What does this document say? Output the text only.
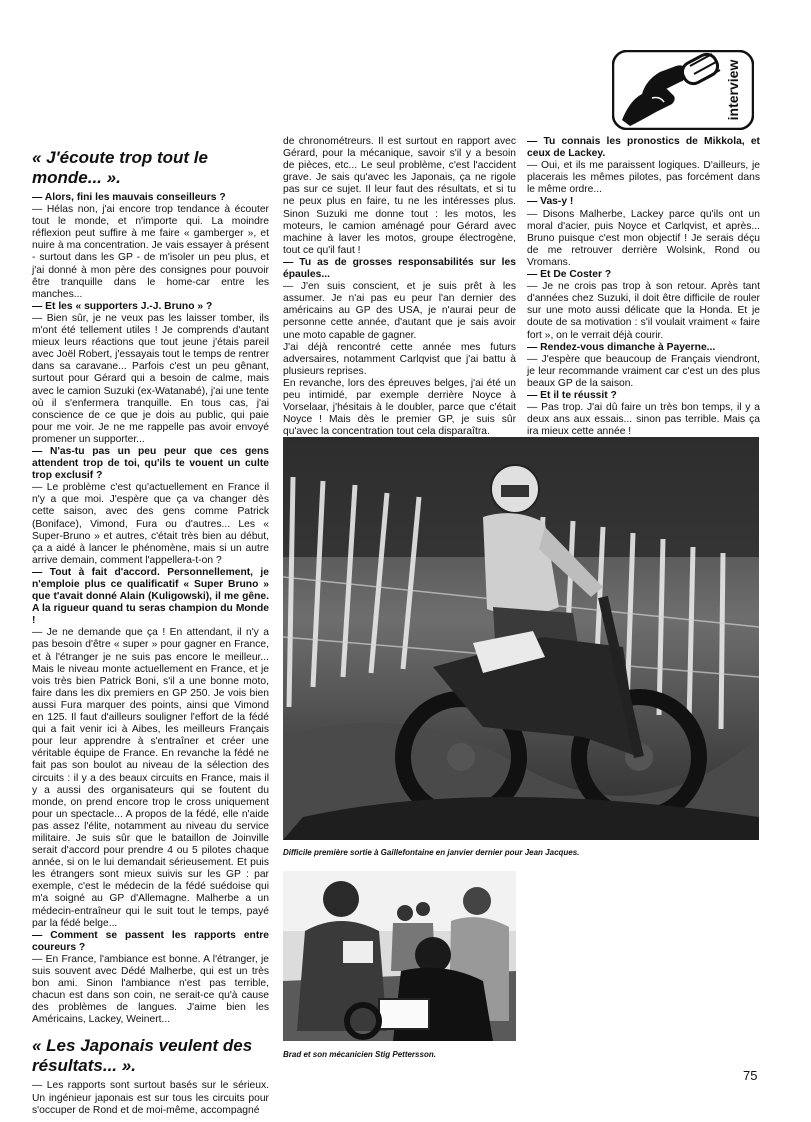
interview
« J'écoute trop tout le monde... ».

— Alors, fini les mauvais conseilleurs ?

— Hélas non, j'ai encore trop tendance à écouter tout le monde, et n'importe qui. La moindre réflexion peut suffire à me faire « gamberger », et nuire à ma concentration. Je vais essayer à présent - surtout dans les GP - de m'isoler un peu plus, et j'ai donné à mon père des consignes pour pouvoir être tranquille dans le home-car entre les manches...

— Et les « supporters J.-J. Bruno » ?

— Bien sûr, je ne veux pas les laisser tomber, ils m'ont été tellement utiles ! Je comprends d'autant mieux leurs réactions que tout jeune j'étais pareil avec Joël Robert, j'essayais tout le temps de rentrer dans sa caravane... Parfois c'est un peu gênant, surtout pour Gérard qui a besoin de calme, mais avec le camion Suzuki (ex-Watanabé), j'ai une tente où il s'enfermera tranquille. En tous cas, j'ai conscience de ce que je dois au public, qui paie pour me voir. Je ne me rappelle pas avoir envoyé promener un supporter...

— N'as-tu pas un peu peur que ces gens attendent trop de toi, qu'ils te vouent un culte trop exclusif ?

— Le problème c'est qu'actuellement en France il n'y a que moi. J'espère que ça va changer dès cette saison, avec des gens comme Patrick (Boniface), Vimond, Fura ou d'autres... Les « Super-Bruno » et autres, c'était très bien au début, ça a aidé à lancer le phénomène, mais si un autre arrive demain, comment l'appellera-t-on ?

— Tout à fait d'accord. Personnellement, je n'emploie plus ce qualificatif « Super Bruno » que t'avait donné Alain (Kuligowski), il me gêne. A la rigueur quand tu seras champion du Monde !

— Je ne demande que ça ! En attendant, il n'y a pas besoin d'être « super » pour gagner en France, et à l'étranger je ne suis pas encore le meilleur... Mais le niveau monte actuellement en France, et je vois très bien Patrick Boni, s'il a une bonne moto, faire dans les dix premiers en GP 250. Je vois bien aussi Fura marquer des points, ainsi que Vimond en 125. Il faut d'ailleurs souligner l'effort de la fédé qui a fait venir ici à Aibes, les meilleurs Français pour leur apprendre à s'entraîner et créer une véritable équipe de France. En revanche la fédé ne fait pas son boulot au niveau de la sélection des circuits : il y a des beaux circuits en France, mais il y a aussi des organisateurs qui se foutent du monde, on prend encore trop le cross uniquement pour un spectacle... A propos de la fédé, elle n'aide pas assez l'élite, notamment au niveau du service militaire. Je suis sûr que le bataillon de Joinville serait d'accord pour prendre 4 ou 5 pilotes chaque année, si on le lui demandait sérieusement. Et puis les étrangers sont mieux suivis sur les GP : par exemple, c'est le médecin de la fédé suédoise qui m'a soigné au GP d'Allemagne. Malherbe a un médecin-entraîneur qui le suit tout le temps, payé par la fédé belge...

— Comment se passent les rapports entre coureurs ?

— En France, l'ambiance est bonne. A l'étranger, je suis souvent avec Dédé Malherbe, qui est un très bon ami. Sinon l'ambiance n'est pas terrible, chacun est dans son coin, ne serait-ce qu'à cause des problèmes de langues. J'aime bien les Américains, Lackey, Weinert...

« Les Japonais veulent des résultats... ».

— Les rapports sont surtout basés sur le sérieux. Un ingénieur japonais est sur tous les circuits pour s'occuper de Rond et de moi-même, accompagné

de chronométreurs. Il est surtout en rapport avec Gérard, pour la mécanique, savoir s'il y a besoin de pièces, etc... Le seul problème, c'est l'accident grave. Je sais qu'avec les Japonais, ça ne rigole pas sur ce sujet. Il leur faut des résultats, et si tu ne peux plus en faire, tu ne les intéresses plus. Sinon Suzuki me donne tout : les motos, les moteurs, le camion aménagé pour Gérard avec machine à laver les motos, groupe électrogène, tout ce qu'il faut !

— Tu as de grosses responsabilités sur les épaules...

— J'en suis conscient, et je suis prêt à les assumer. Je n'ai pas eu peur l'an dernier des américains au GP des USA, je n'aurai peur de personne cette année, d'autant que je sais avoir une moto capable de gagner.

J'ai déjà rencontré cette année mes futurs adversaires, notamment Carlqvist que j'ai battu à plusieurs reprises.

En revanche, lors des épreuves belges, j'ai été un peu intimidé, par exemple derrière Noyce à Vorselaar, j'hésitais à le doubler, parce que c'était Noyce ! Mais dès le premier GP, je suis sûr qu'avec la concentration tout cela disparaîtra.

— Tu connais les pronostics de Mikkola, et ceux de Lackey.

— Oui, et ils me paraissent logiques. D'ailleurs, je placerais les mêmes pilotes, pas forcément dans le même ordre...

— Vas-y !

— Disons Malherbe, Lackey parce qu'ils ont un moral d'acier, puis Noyce et Carlqvist, et après... Bruno puisque c'est mon objectif ! Je serais déçu de me retrouver derrière Wolsink, Rond ou Vromans.

— Et De Coster ?

— Je ne crois pas trop à son retour. Après tant d'années chez Suzuki, il doit être difficile de rouler sur une moto aussi délicate que la Honda. Et je doute de sa motivation : s'il voulait vraiment « faire fort », on le verrait déjà courir.

— Rendez-vous dimanche à Payerne...

— J'espère que beaucoup de Français viendront, je leur recommande vraiment car c'est un des plus beaux GP de la saison.

— Et il te réussit ?

— Pas trop. J'ai dû faire un très bon temps, il y a deux ans aux essais... sinon pas terrible. Mais ça ira mieux cette année !

Difficile première sortie à Gaillefontaine en janvier dernier pour Jean Jacques.
Brad et son mécanicien Stig Pettersson.
75
